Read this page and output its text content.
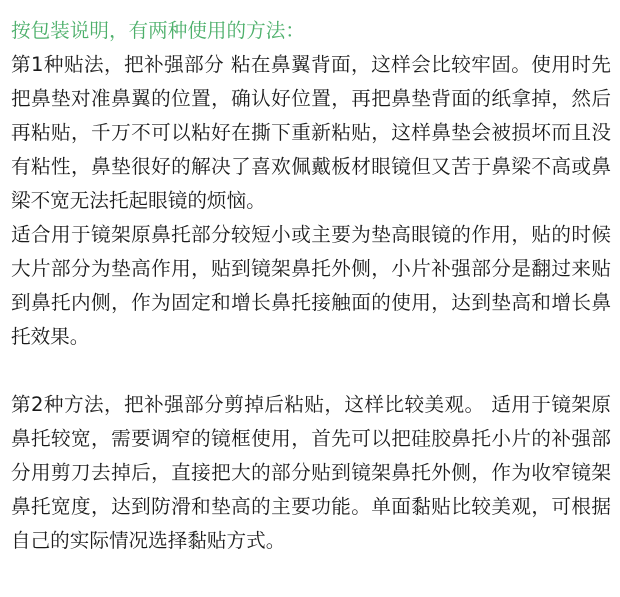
按包装说明，有两种使用的方法：

第1种贴法，把补强部分 粘在鼻翼背面，这样会比较牢固。使用时先把鼻垫对准鼻翼的位置，确认好位置，再把鼻垫背面的纸拿掉，然后再粘贴，千万不可以粘好在撕下重新粘贴，这样鼻垫会被损坏而且没有粘性，鼻垫很好的解决了喜欢佩戴板材眼镜但又苦于鼻梁不高或鼻梁不宽无法托起眼镜的烦恼。

适合用于镜架原鼻托部分较短小或主要为垫高眼镜的作用，贴的时候大片部分为垫高作用，贴到镜架鼻托外侧，小片补强部分是翻过来贴到鼻托内侧，作为固定和增长鼻托接触面的使用，达到垫高和增长鼻托效果。

第2种方法，把补强部分剪掉后粘贴，这样比较美观。 适用于镜架原鼻托较宽，需要调窄的镜框使用，首先可以把硅胶鼻托小片的补强部分用剪刀去掉后，直接把大的部分贴到镜架鼻托外侧，作为收窄镜架鼻托宽度，达到防滑和垫高的主要功能。单面黏贴比较美观，可根据自己的实际情况选择黏贴方式。
